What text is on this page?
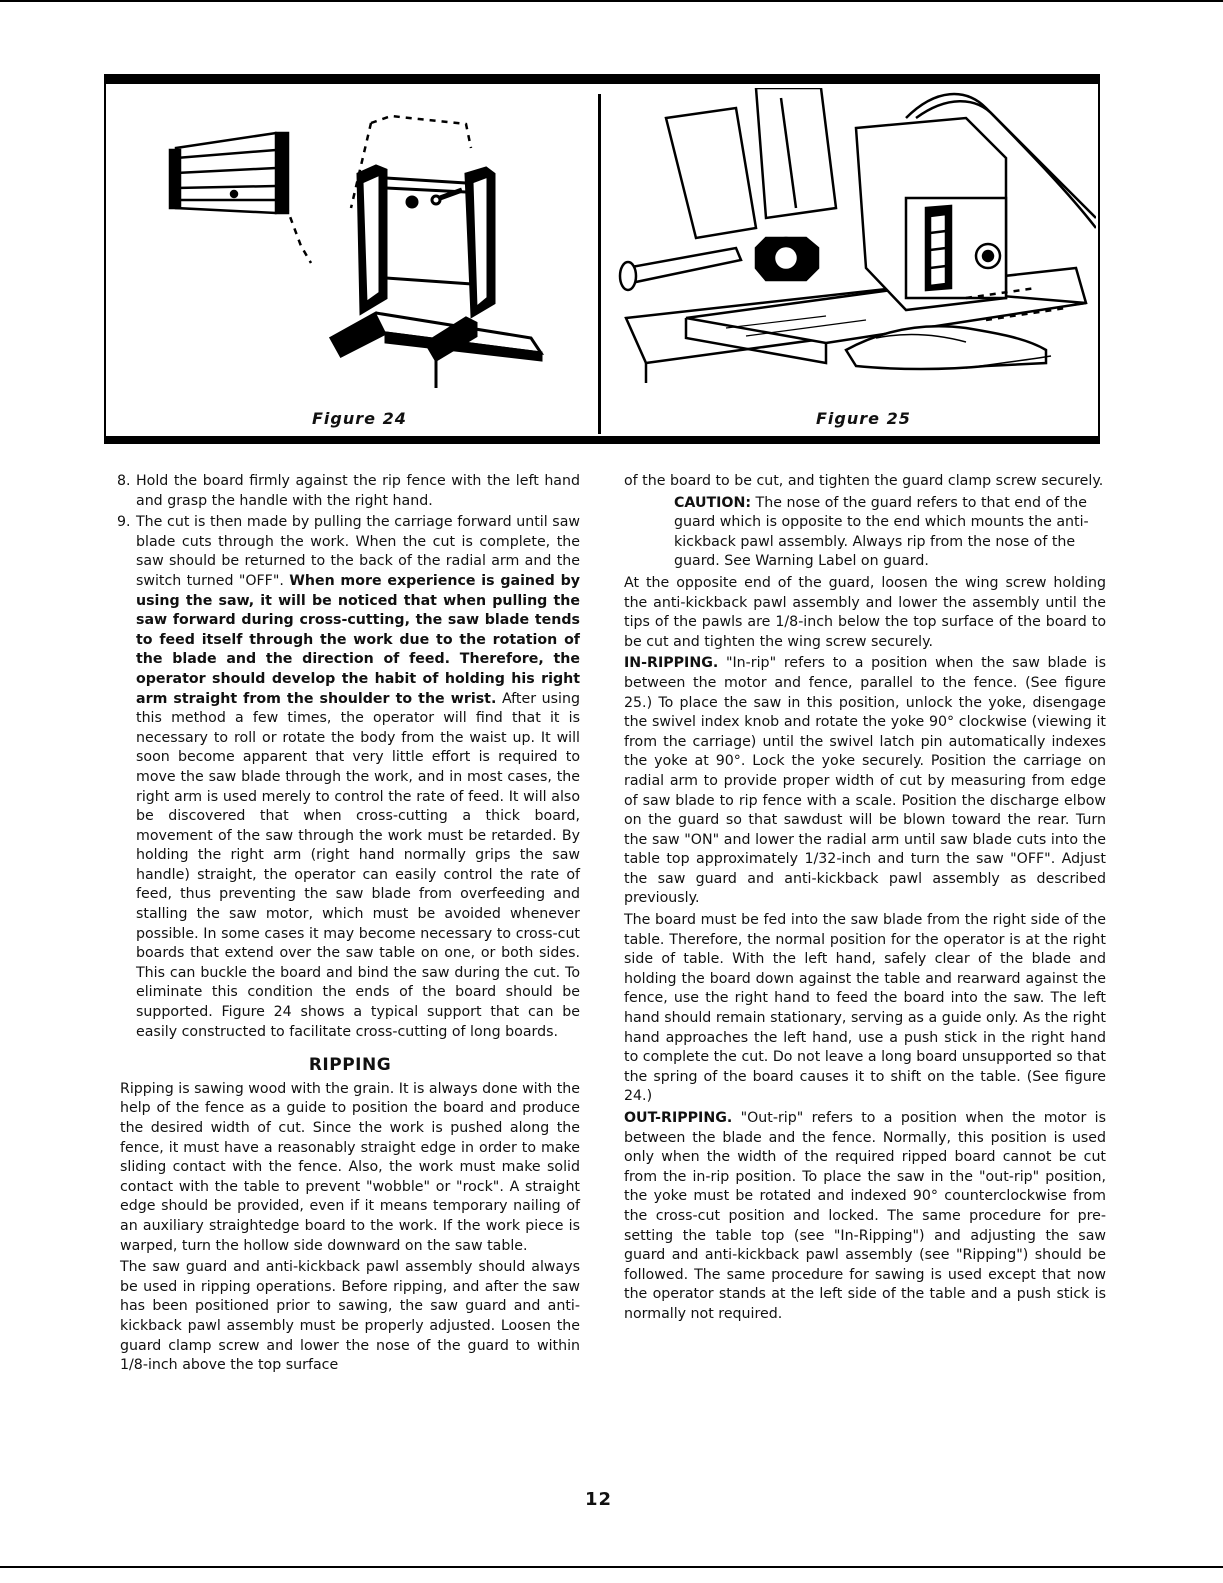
Figure 24	Figure 25
8. Hold the board firmly against the rip fence with the left hand and grasp the handle with the right hand.
9. The cut is then made by pulling the carriage forward until saw blade cuts through the work. When the cut is complete, the saw should be returned to the back of the radial arm and the switch turned "OFF". When more experience is gained by using the saw, it will be noticed that when pulling the saw forward during cross-cutting, the saw blade tends to feed itself through the work due to the rotation of the blade and the direction of feed. Therefore, the operator should develop the habit of holding his right arm straight from the shoulder to the wrist. After using this method a few times, the operator will find that it is necessary to roll or rotate the body from the waist up. It will soon become apparent that very little effort is required to move the saw blade through the work, and in most cases, the right arm is used merely to control the rate of feed. It will also be discovered that when cross-cutting a thick board, movement of the saw through the work must be retarded. By holding the right arm (right hand normally grips the saw handle) straight, the operator can easily control the rate of feed, thus preventing the saw blade from overfeeding and stalling the saw motor, which must be avoided whenever possible. In some cases it may become necessary to cross-cut boards that extend over the saw table on one, or both sides. This can buckle the board and bind the saw during the cut. To eliminate this condition the ends of the board should be supported. Figure 24 shows a typical support that can be easily constructed to facilitate cross-cutting of long boards.
RIPPING

Ripping is sawing wood with the grain. It is always done with the help of the fence as a guide to position the board and produce the desired width of cut. Since the work is pushed along the fence, it must have a reasonably straight edge in order to make sliding contact with the fence. Also, the work must make solid contact with the table to prevent "wobble" or "rock". A straight edge should be provided, even if it means temporary nailing of an auxiliary straightedge board to the work. If the work piece is warped, turn the hollow side downward on the saw table.

The saw guard and anti-kickback pawl assembly should always be used in ripping operations. Before ripping, and after the saw has been positioned prior to sawing, the saw guard and anti-kickback pawl assembly must be properly adjusted. Loosen the guard clamp screw and lower the nose of the guard to within 1/8-inch above the top surface

of the board to be cut, and tighten the guard clamp screw securely.

CAUTION: The nose of the guard refers to that end of the guard which is opposite to the end which mounts the anti-kickback pawl assembly. Always rip from the nose of the guard. See Warning Label on guard.

At the opposite end of the guard, loosen the wing screw holding the anti-kickback pawl assembly and lower the assembly until the tips of the pawls are 1/8-inch below the top surface of the board to be cut and tighten the wing screw securely.

IN-RIPPING. "In-rip" refers to a position when the saw blade is between the motor and fence, parallel to the fence. (See figure 25.) To place the saw in this position, unlock the yoke, disengage the swivel index knob and rotate the yoke 90° clockwise (viewing it from the carriage) until the swivel latch pin automatically indexes the yoke at 90°. Lock the yoke securely. Position the carriage on radial arm to provide proper width of cut by measuring from edge of saw blade to rip fence with a scale. Position the discharge elbow on the guard so that sawdust will be blown toward the rear. Turn the saw "ON" and lower the radial arm until saw blade cuts into the table top approximately 1/32-inch and turn the saw "OFF". Adjust the saw guard and anti-kickback pawl assembly as described previously.

The board must be fed into the saw blade from the right side of the table. Therefore, the normal position for the operator is at the right side of table. With the left hand, safely clear of the blade and holding the board down against the table and rearward against the fence, use the right hand to feed the board into the saw. The left hand should remain stationary, serving as a guide only. As the right hand approaches the left hand, use a push stick in the right hand to complete the cut. Do not leave a long board unsupported so that the spring of the board causes it to shift on the table. (See figure 24.)

OUT-RIPPING. "Out-rip" refers to a position when the motor is between the blade and the fence. Normally, this position is used only when the width of the required ripped board cannot be cut from the in-rip position. To place the saw in the "out-rip" position, the yoke must be rotated and indexed 90° counterclockwise from the cross-cut position and locked. The same procedure for pre-setting the table top (see "In-Ripping") and adjusting the saw guard and anti-kickback pawl assembly (see "Ripping") should be followed. The same procedure for sawing is used except that now the operator stands at the left side of the table and a push stick is normally not required.

12
